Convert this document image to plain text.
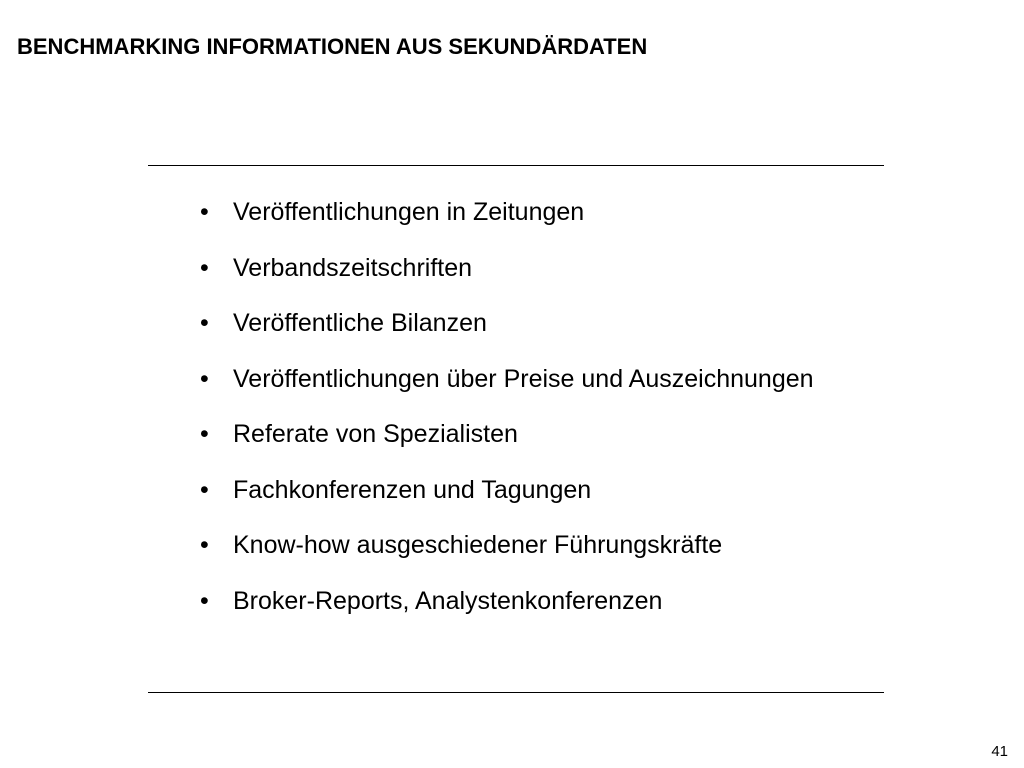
BENCHMARKING INFORMATIONEN AUS SEKUNDÄRDATEN
• Veröffentlichungen in Zeitungen
• Verbandszeitschriften
• Veröffentliche Bilanzen
• Veröffentlichungen über Preise und Auszeichnungen
• Referate von Spezialisten
• Fachkonferenzen und Tagungen
• Know-how ausgeschiedener Führungskräfte
• Broker-Reports, Analystenkonferenzen
41
